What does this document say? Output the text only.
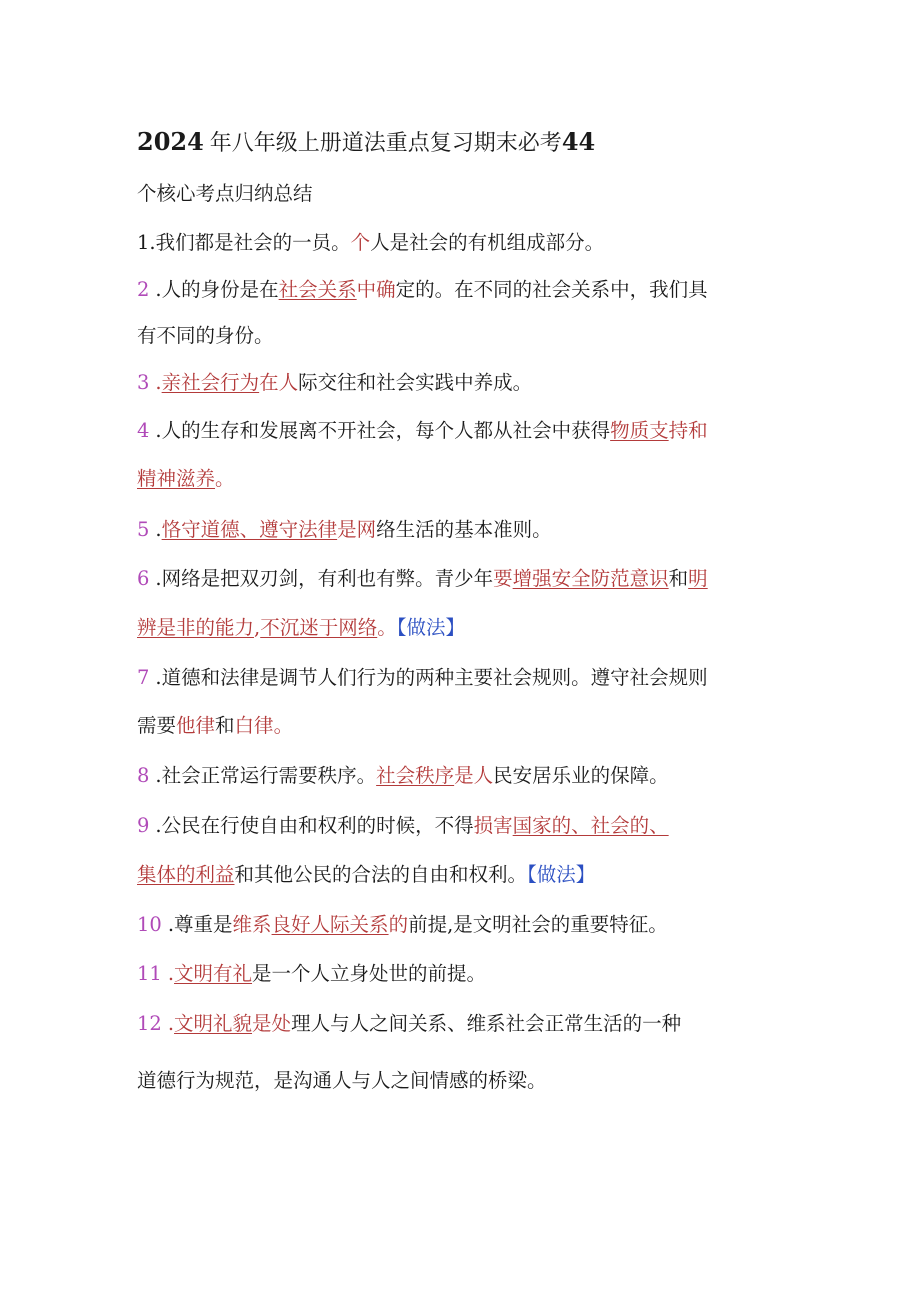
2024 年八年级上册道法重点复习期末必考44
个核心考点归纳总结
1.我们都是社会的一员。个人是社会的有机组成部分。
2 .人的身份是在社会关系中确定的。在不同的社会关系中，我们具
有不同的身份。
3 .亲社会行为在人际交往和社会实践中养成。
4 .人的生存和发展离不开社会，每个人都从社会中获得物质支持和
精神滋养。
5 .恪守道德、遵守法律是网络生活的基本准则。
6 .网络是把双刃剑，有利也有弊。青少年要增强安全防范意识和明
辨是非的能力,不沉迷于网络。【做法】
7 .道德和法律是调节人们行为的两种主要社会规则。遵守社会规则
需要他律和白律。
8 .社会正常运行需要秩序。社会秩序是人民安居乐业的保障。
9 .公民在行使自由和权利的时候，不得损害国家的、社会的、
集体的利益和其他公民的合法的自由和权利。【做法】
10 .尊重是维系良好人际关系的前提,是文明社会的重要特征。
11 .文明有礼是一个人立身处世的前提。
12 .文明礼貌是处理人与人之间关系、维系社会正常生活的一种
道德行为规范，是沟通人与人之间情感的桥梁。
